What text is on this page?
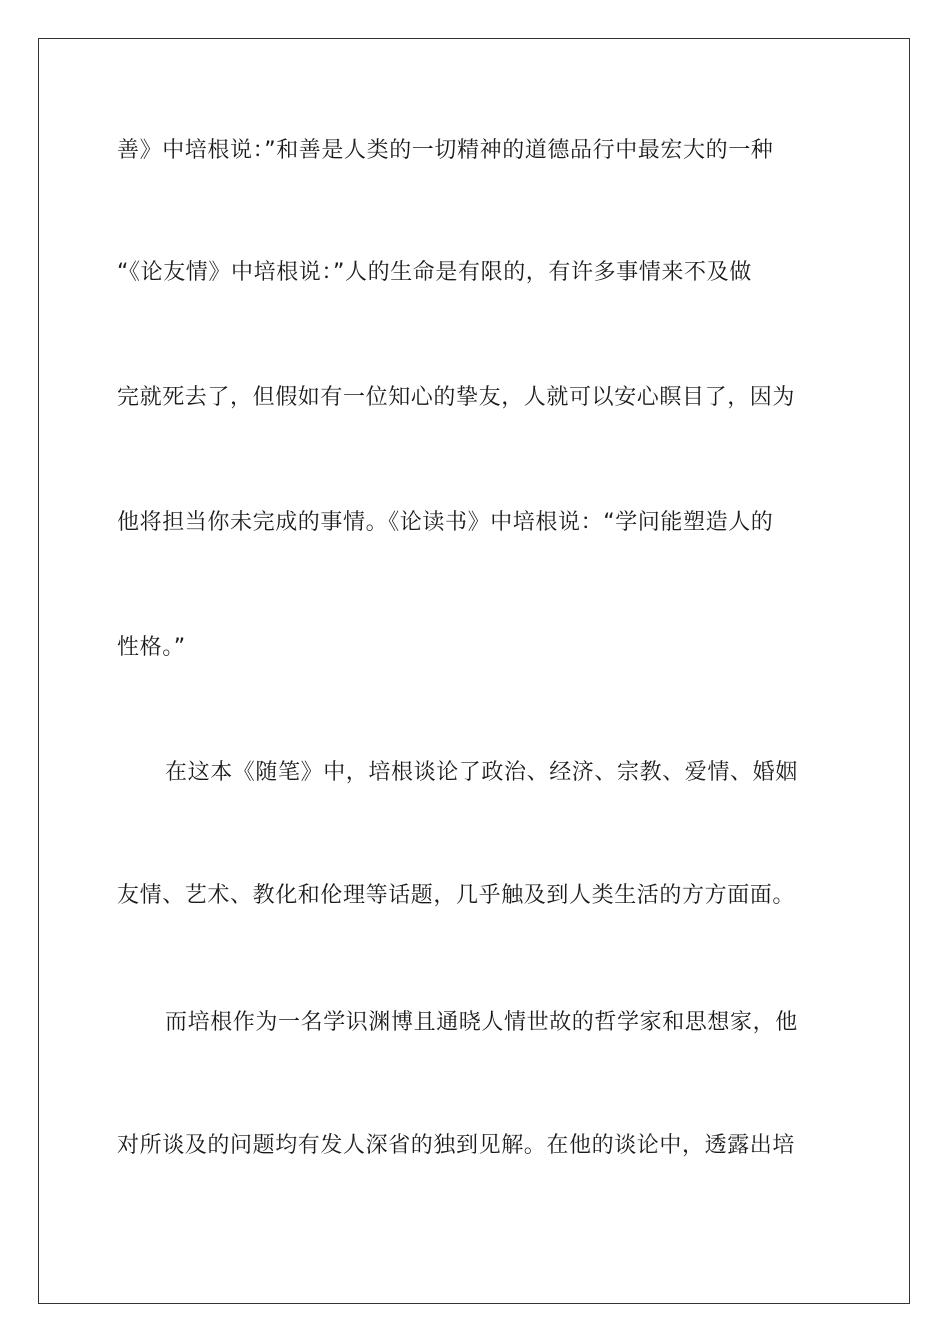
善》中培根说：”和善是人类的一切精神的道德品行中最宏大的一种
“《论友情》中培根说：”人的生命是有限的，有许多事情来不及做
完就死去了，但假如有一位知心的挚友，人就可以安心瞑目了，因为
他将担当你未完成的事情。《论读书》中培根说：“学问能塑造人的
性格。”
在这本《随笔》中，培根谈论了政治、经济、宗教、爱情、婚姻
友情、艺术、教化和伦理等话题，几乎触及到人类生活的方方面面。
而培根作为一名学识渊博且通晓人情世故的哲学家和思想家，他
对所谈及的问题均有发人深省的独到见解。在他的谈论中，透露出培
